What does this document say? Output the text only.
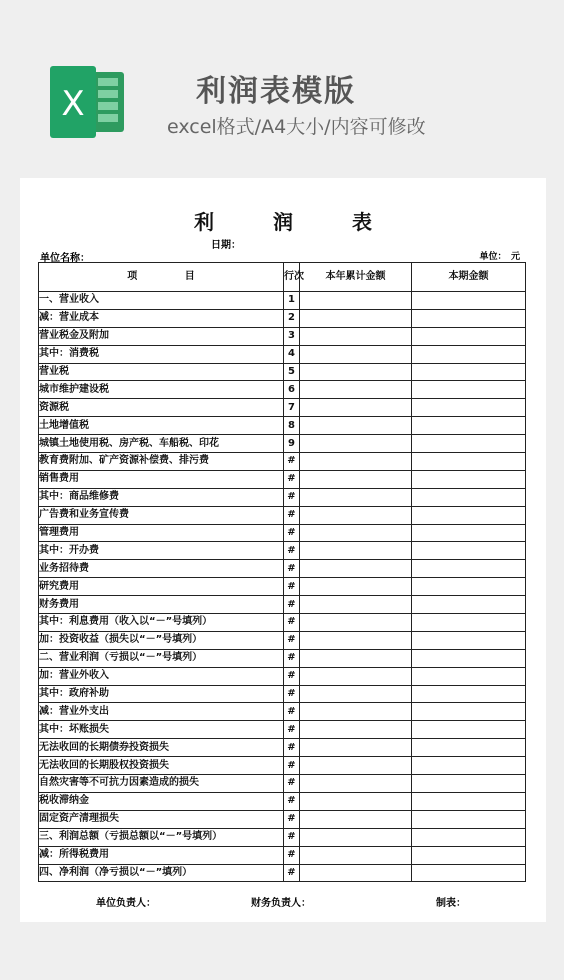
X	利润表模版
excel格式/A4大小/内容可修改
利 润 表
日期：
单位名称：	单位：　元
项 目	行次	本年累计金额	本期金额
一、营业收入	1		
减：营业成本	2		
营业税金及附加	3		
其中：消费税	4		
营业税	5		
城市维护建设税	6		
资源税	7		
土地增值税	8		
城镇土地使用税、房产税、车船税、印花	9		
教育费附加、矿产资源补偿费、排污费	#		
销售费用	#		
其中：商品维修费	#		
广告费和业务宣传费	#		
管理费用	#		
其中：开办费	#		
业务招待费	#		
研究费用	#		
财务费用	#		
其中：利息费用（收入以“－”号填列）	#		
加：投资收益（损失以“－”号填列）	#		
二、营业利润（亏损以“－”号填列）	#		
加：营业外收入	#		
其中：政府补助	#		
减：营业外支出	#		
其中：坏账损失	#		
无法收回的长期债券投资损失	#		
无法收回的长期股权投资损失	#		
自然灾害等不可抗力因素造成的损失	#		
税收滞纳金	#		
固定资产清理损失	#		
三、利润总额（亏损总额以“－”号填列）	#		
减：所得税费用	#		
四、净利润（净亏损以“－”填列）	#		
单位负责人：	财务负责人：	制表：
